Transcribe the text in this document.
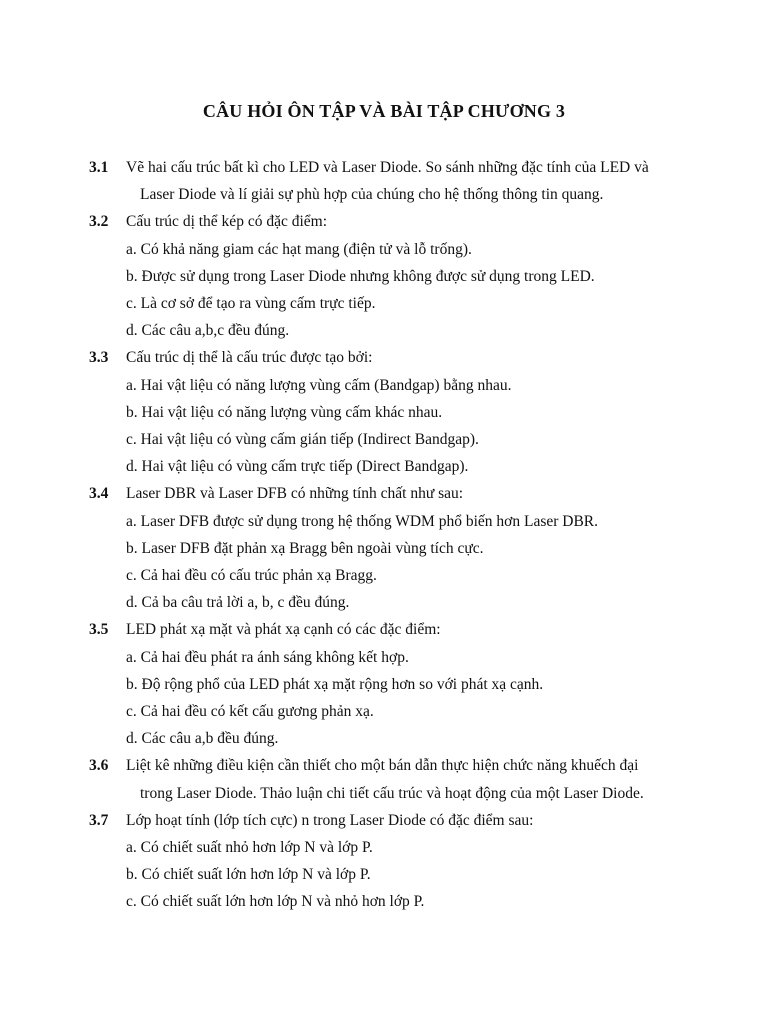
CÂU HỎI ÔN TẬP VÀ BÀI TẬP CHƯƠNG 3
3.1 Vẽ hai cấu trúc bất kì cho LED và Laser Diode. So sánh những đặc tính của LED và
Laser Diode và lí giải sự phù hợp của chúng cho hệ thống thông tin quang.
3.2 Cấu trúc dị thể kép có đặc điểm:
a. Có khả năng giam các hạt mang (điện tử và lỗ trống).
b. Được sử dụng trong Laser Diode nhưng không được sử dụng trong LED.
c. Là cơ sở để tạo ra vùng cấm trực tiếp.
d. Các câu a,b,c đều đúng.
3.3 Cấu trúc dị thể là cấu trúc được tạo bởi:
a. Hai vật liệu có năng lượng vùng cấm (Bandgap) bằng nhau.
b. Hai vật liệu có năng lượng vùng cấm khác nhau.
c. Hai vật liệu có vùng cấm gián tiếp (Indirect Bandgap).
d. Hai vật liệu có vùng cấm trực tiếp (Direct Bandgap).
3.4 Laser DBR và Laser DFB có những tính chất như sau:
a. Laser DFB được sử dụng trong hệ thống WDM phổ biến hơn Laser DBR.
b. Laser DFB đặt phản xạ Bragg bên ngoài vùng tích cực.
c. Cả hai đều có cấu trúc phản xạ Bragg.
d. Cả ba câu trả lời a, b, c đều đúng.
3.5 LED phát xạ mặt và phát xạ cạnh có các đặc điểm:
a. Cả hai đều phát ra ánh sáng không kết hợp.
b. Độ rộng phổ của LED phát xạ mặt rộng hơn so với phát xạ cạnh.
c. Cả hai đều có kết cấu gương phản xạ.
d. Các câu a,b đều đúng.
3.6 Liệt kê những điều kiện cần thiết cho một bán dẫn thực hiện chức năng khuếch đại
trong Laser Diode. Thảo luận chi tiết cấu trúc và hoạt động của một Laser Diode.
3.7 Lớp hoạt tính (lớp tích cực) n trong Laser Diode có đặc điểm sau:
a. Có chiết suất nhỏ hơn lớp N và lớp P.
b. Có chiết suất lớn hơn lớp N và lớp P.
c. Có chiết suất lớn hơn lớp N và nhỏ hơn lớp P.
